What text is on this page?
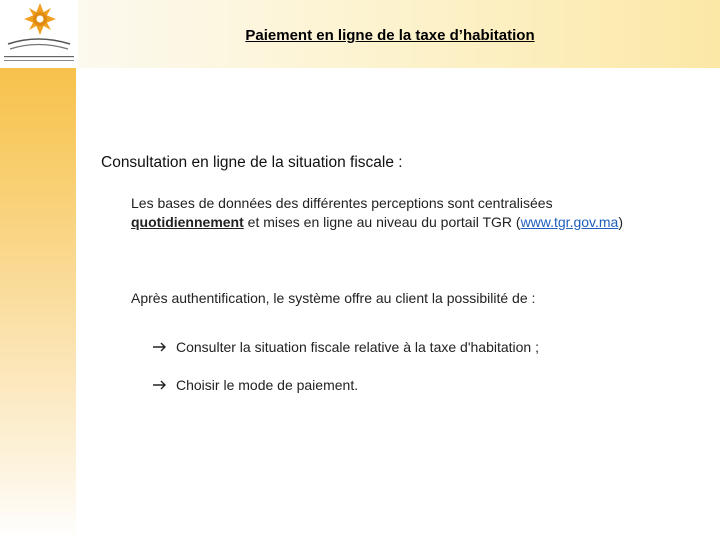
Paiement en ligne de la taxe d’habitation
Consultation en ligne de la situation fiscale :
Les bases de données des différentes perceptions sont centralisées quotidiennement et mises en ligne au niveau du portail TGR (www.tgr.gov.ma)
Après authentification, le système offre au client la possibilité de :
Consulter la situation fiscale relative à la taxe d'habitation ;
Choisir le mode de paiement.
